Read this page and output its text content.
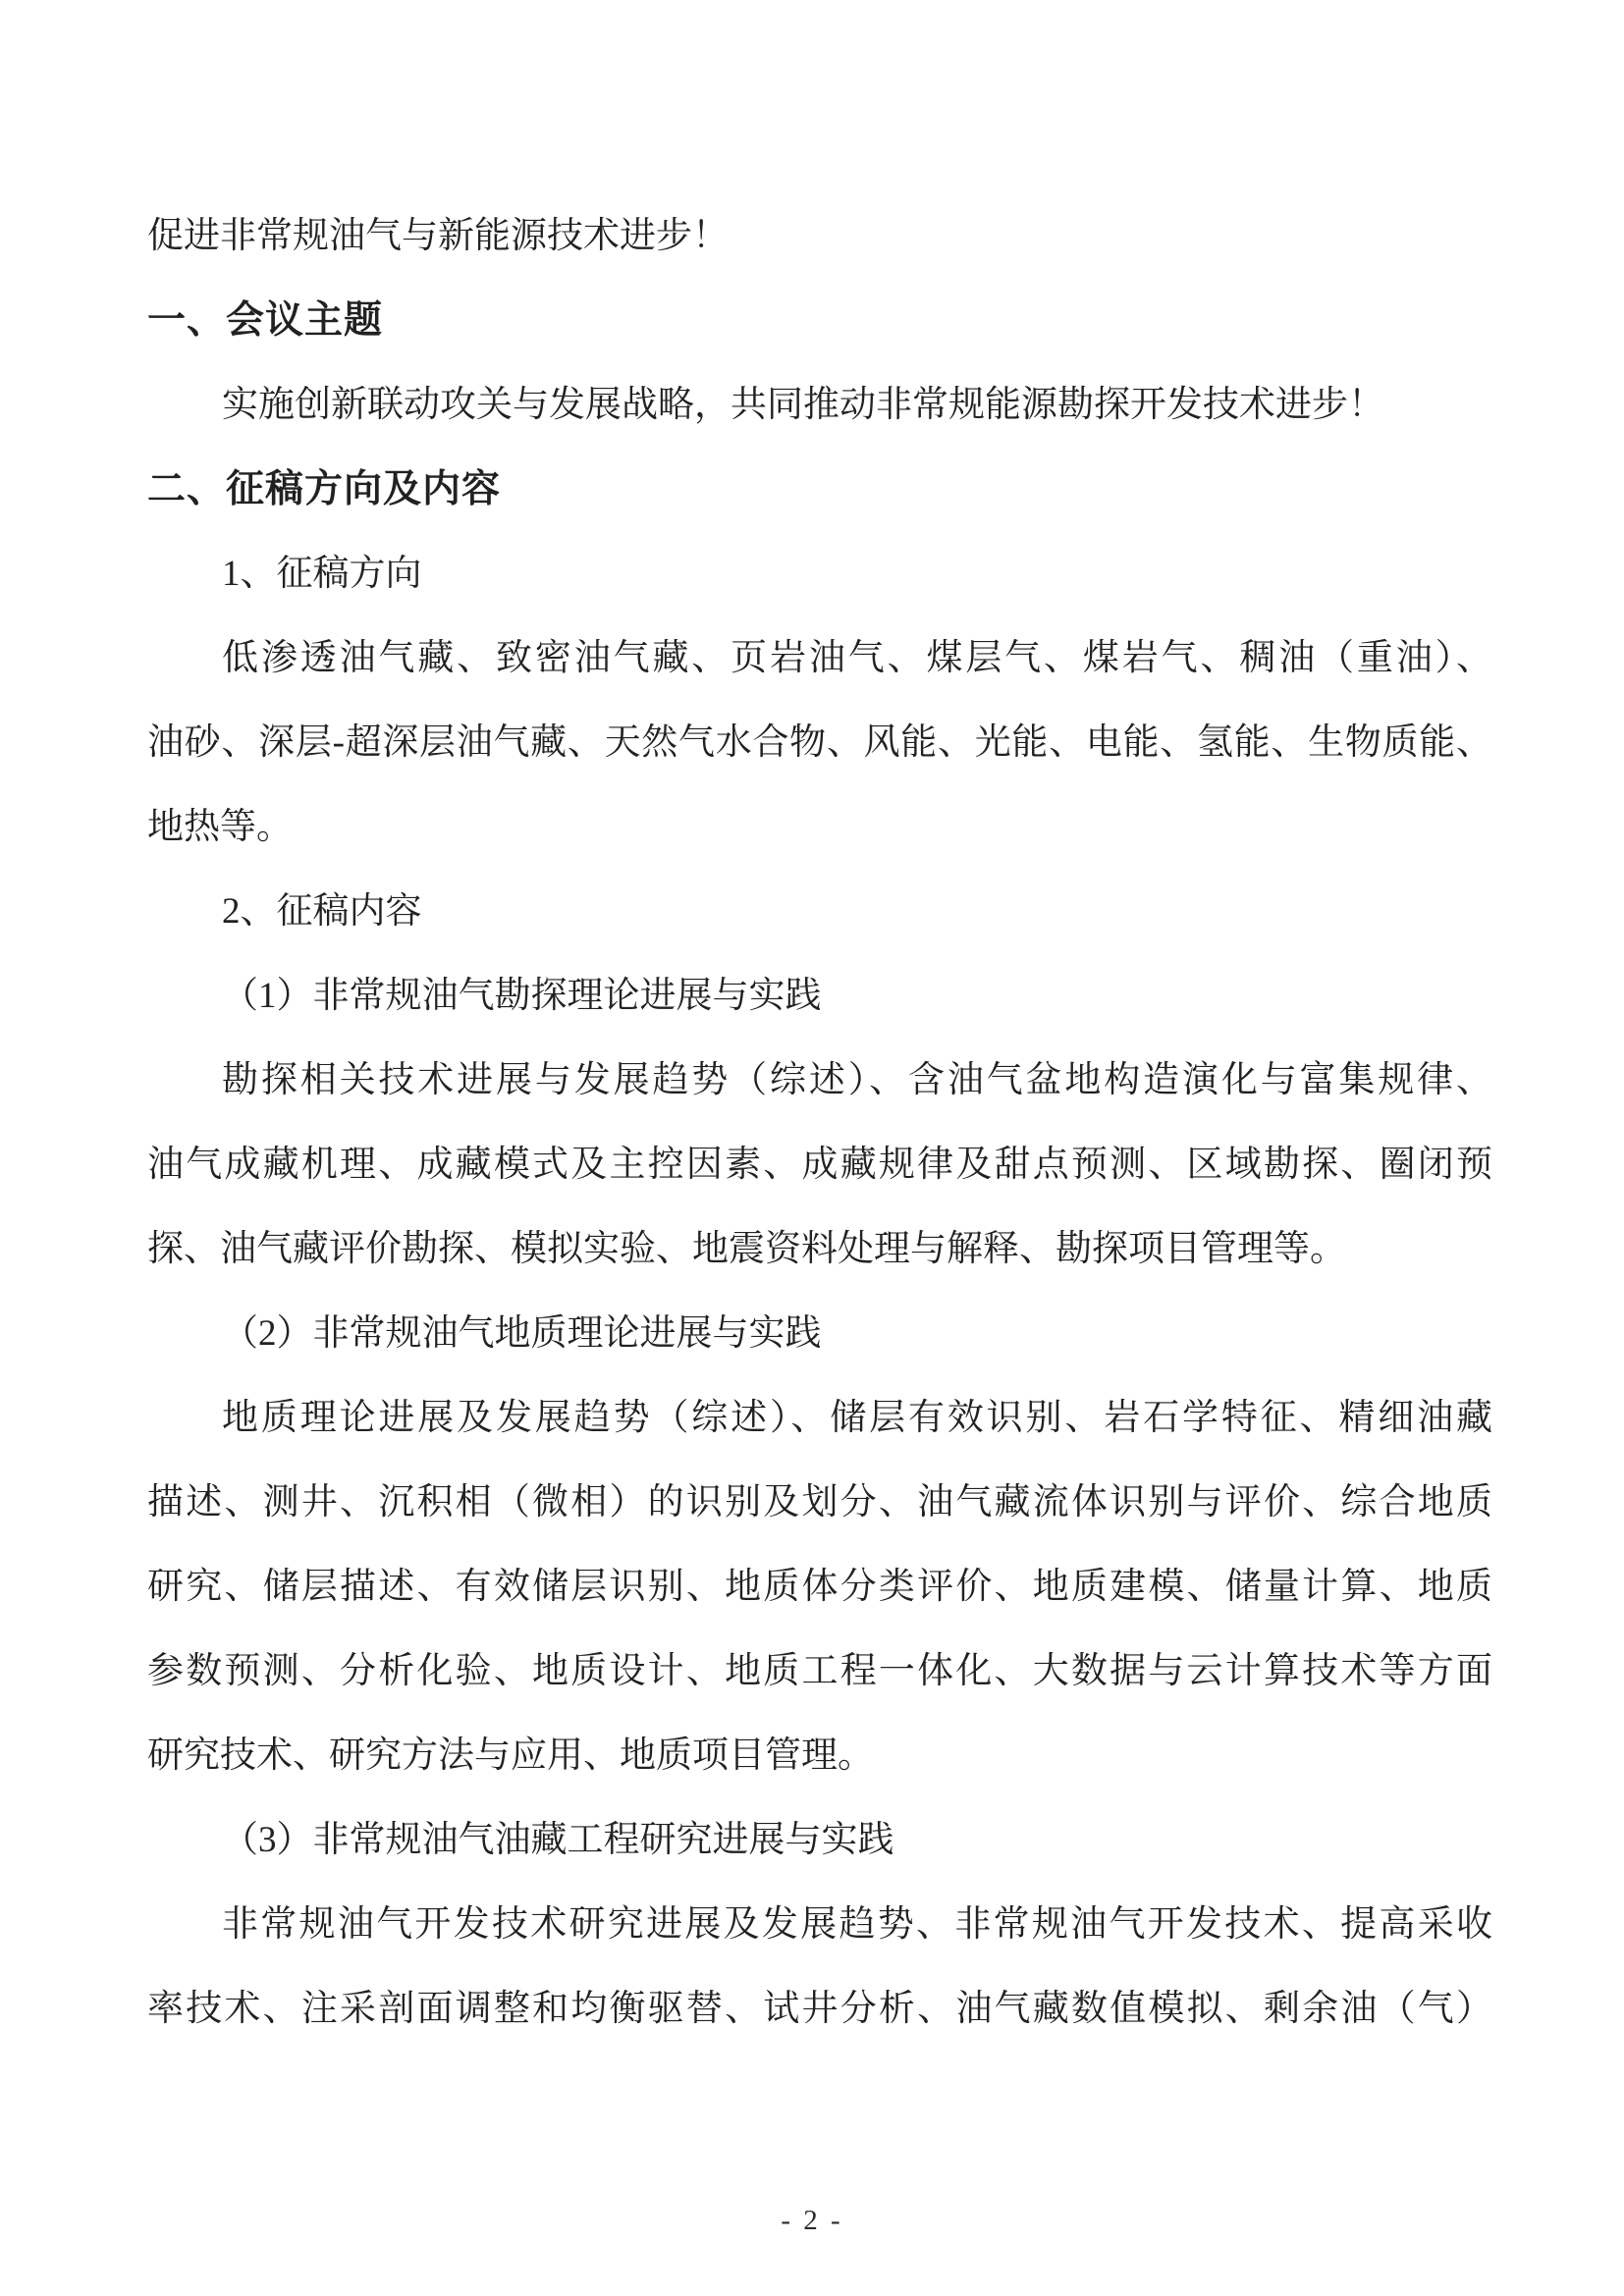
促进非常规油气与新能源技术进步！
一、会议主题
实施创新联动攻关与发展战略，共同推动非常规能源勘探开发技术进步！
二、征稿方向及内容
1、征稿方向
低渗透油气藏、致密油气藏、页岩油气、煤层气、煤岩气、稠油（重油）、
油砂、深层-超深层油气藏、天然气水合物、风能、光能、电能、氢能、生物质能、
地热等。
2、征稿内容
（1）非常规油气勘探理论进展与实践
勘探相关技术进展与发展趋势（综述）、含油气盆地构造演化与富集规律、
油气成藏机理、成藏模式及主控因素、成藏规律及甜点预测、区域勘探、圈闭预
探、油气藏评价勘探、模拟实验、地震资料处理与解释、勘探项目管理等。
（2）非常规油气地质理论进展与实践
地质理论进展及发展趋势（综述）、储层有效识别、岩石学特征、精细油藏
描述、测井、沉积相（微相）的识别及划分、油气藏流体识别与评价、综合地质
研究、储层描述、有效储层识别、地质体分类评价、地质建模、储量计算、地质
参数预测、分析化验、地质设计、地质工程一体化、大数据与云计算技术等方面
研究技术、研究方法与应用、地质项目管理。
（3）非常规油气油藏工程研究进展与实践
非常规油气开发技术研究进展及发展趋势、非常规油气开发技术、提高采收
率技术、注采剖面调整和均衡驱替、试井分析、油气藏数值模拟、剩余油（气）
- 2 -
